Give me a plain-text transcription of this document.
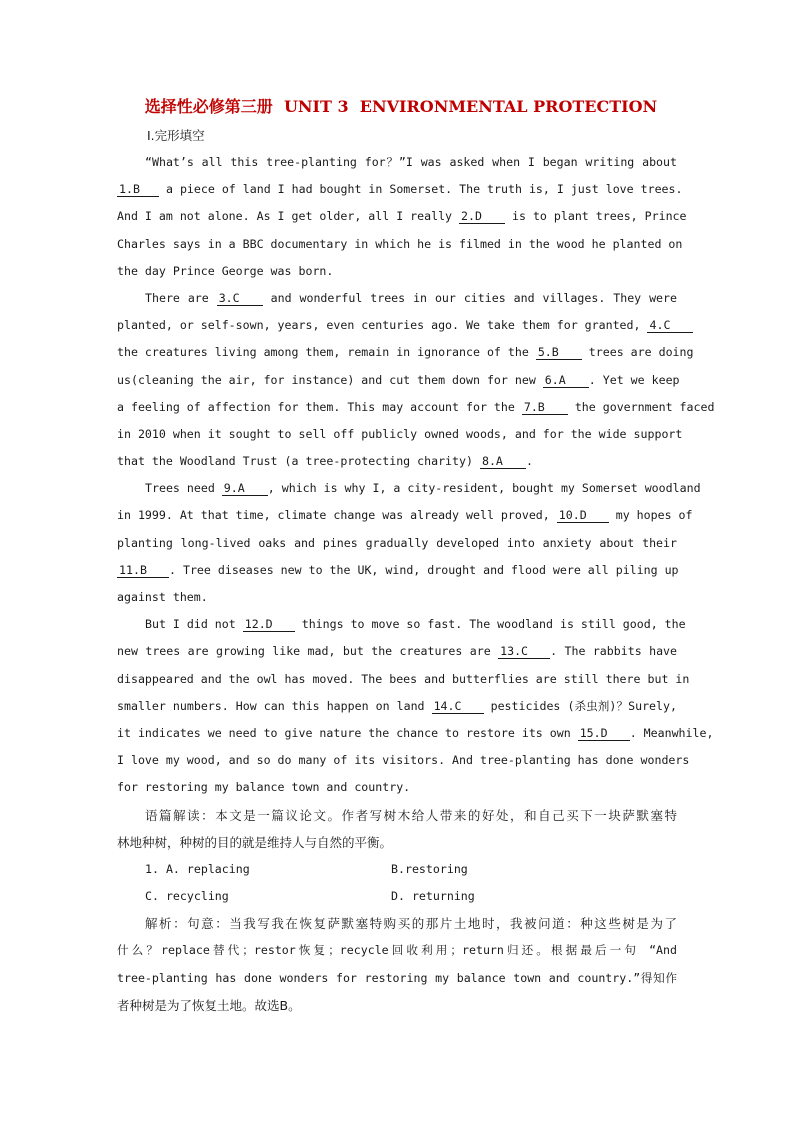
选择性必修第三册  UNIT 3  ENVIRONMENTAL PROTECTION
Ⅰ.完形填空
“What’s all this tree-planting for？”I was asked when I began writing about
1.B a piece of land I had bought in Somerset. The truth is, I just love trees.
And I am not alone. As I get older, all I really 2.D is to plant trees, Prince
Charles says in a BBC documentary in which he is filmed in the wood he planted on
the day Prince George was born.
There are 3.C and wonderful trees in our cities and villages. They were
planted, or self-sown, years, even centuries ago. We take them for granted, 4.C
the creatures living among them, remain in ignorance of the 5.B trees are doing
us(cleaning the air, for instance) and cut them down for new 6.A . Yet we keep
a feeling of affection for them. This may account for the 7.B the government faced
in 2010 when it sought to sell off publicly owned woods, and for the wide support
that the Woodland Trust (a tree-protecting charity) 8.A .
Trees need 9.A , which is why I, a city-resident, bought my Somerset woodland
in 1999. At that time, climate change was already well proved, 10.D my hopes of
planting long-lived oaks and pines gradually developed into anxiety about their
11.B . Tree diseases new to the UK, wind, drought and flood were all piling up
against them.
But I did not 12.D things to move so fast. The woodland is still good, the
new trees are growing like mad, but the creatures are 13.C . The rabbits have
disappeared and the owl has moved. The bees and butterflies are still there but in
smaller numbers. How can this happen on land 14.C pesticides (杀虫剂)？Surely,
it indicates we need to give nature the chance to restore its own 15.D . Meanwhile,
I love my wood, and so do many of its visitors. And tree-planting has done wonders
for restoring my balance town and country.
语篇解读：本文是一篇议论文。作者写树木给人带来的好处，和自己买下一块萨默塞特
林地种树，种树的目的就是维持人与自然的平衡。
1. A. replacing	B.restoring
C. recycling	D. returning
解析：句意：当我写我在恢复萨默塞特购买的那片土地时，我被问道：种这些树是为了
什么？replace替代；restor恢复；recycle回收利用；return归还。根据最后一句 “And
tree-planting has done wonders for restoring my balance town and country.”得知作
者种树是为了恢复土地。故选B。
